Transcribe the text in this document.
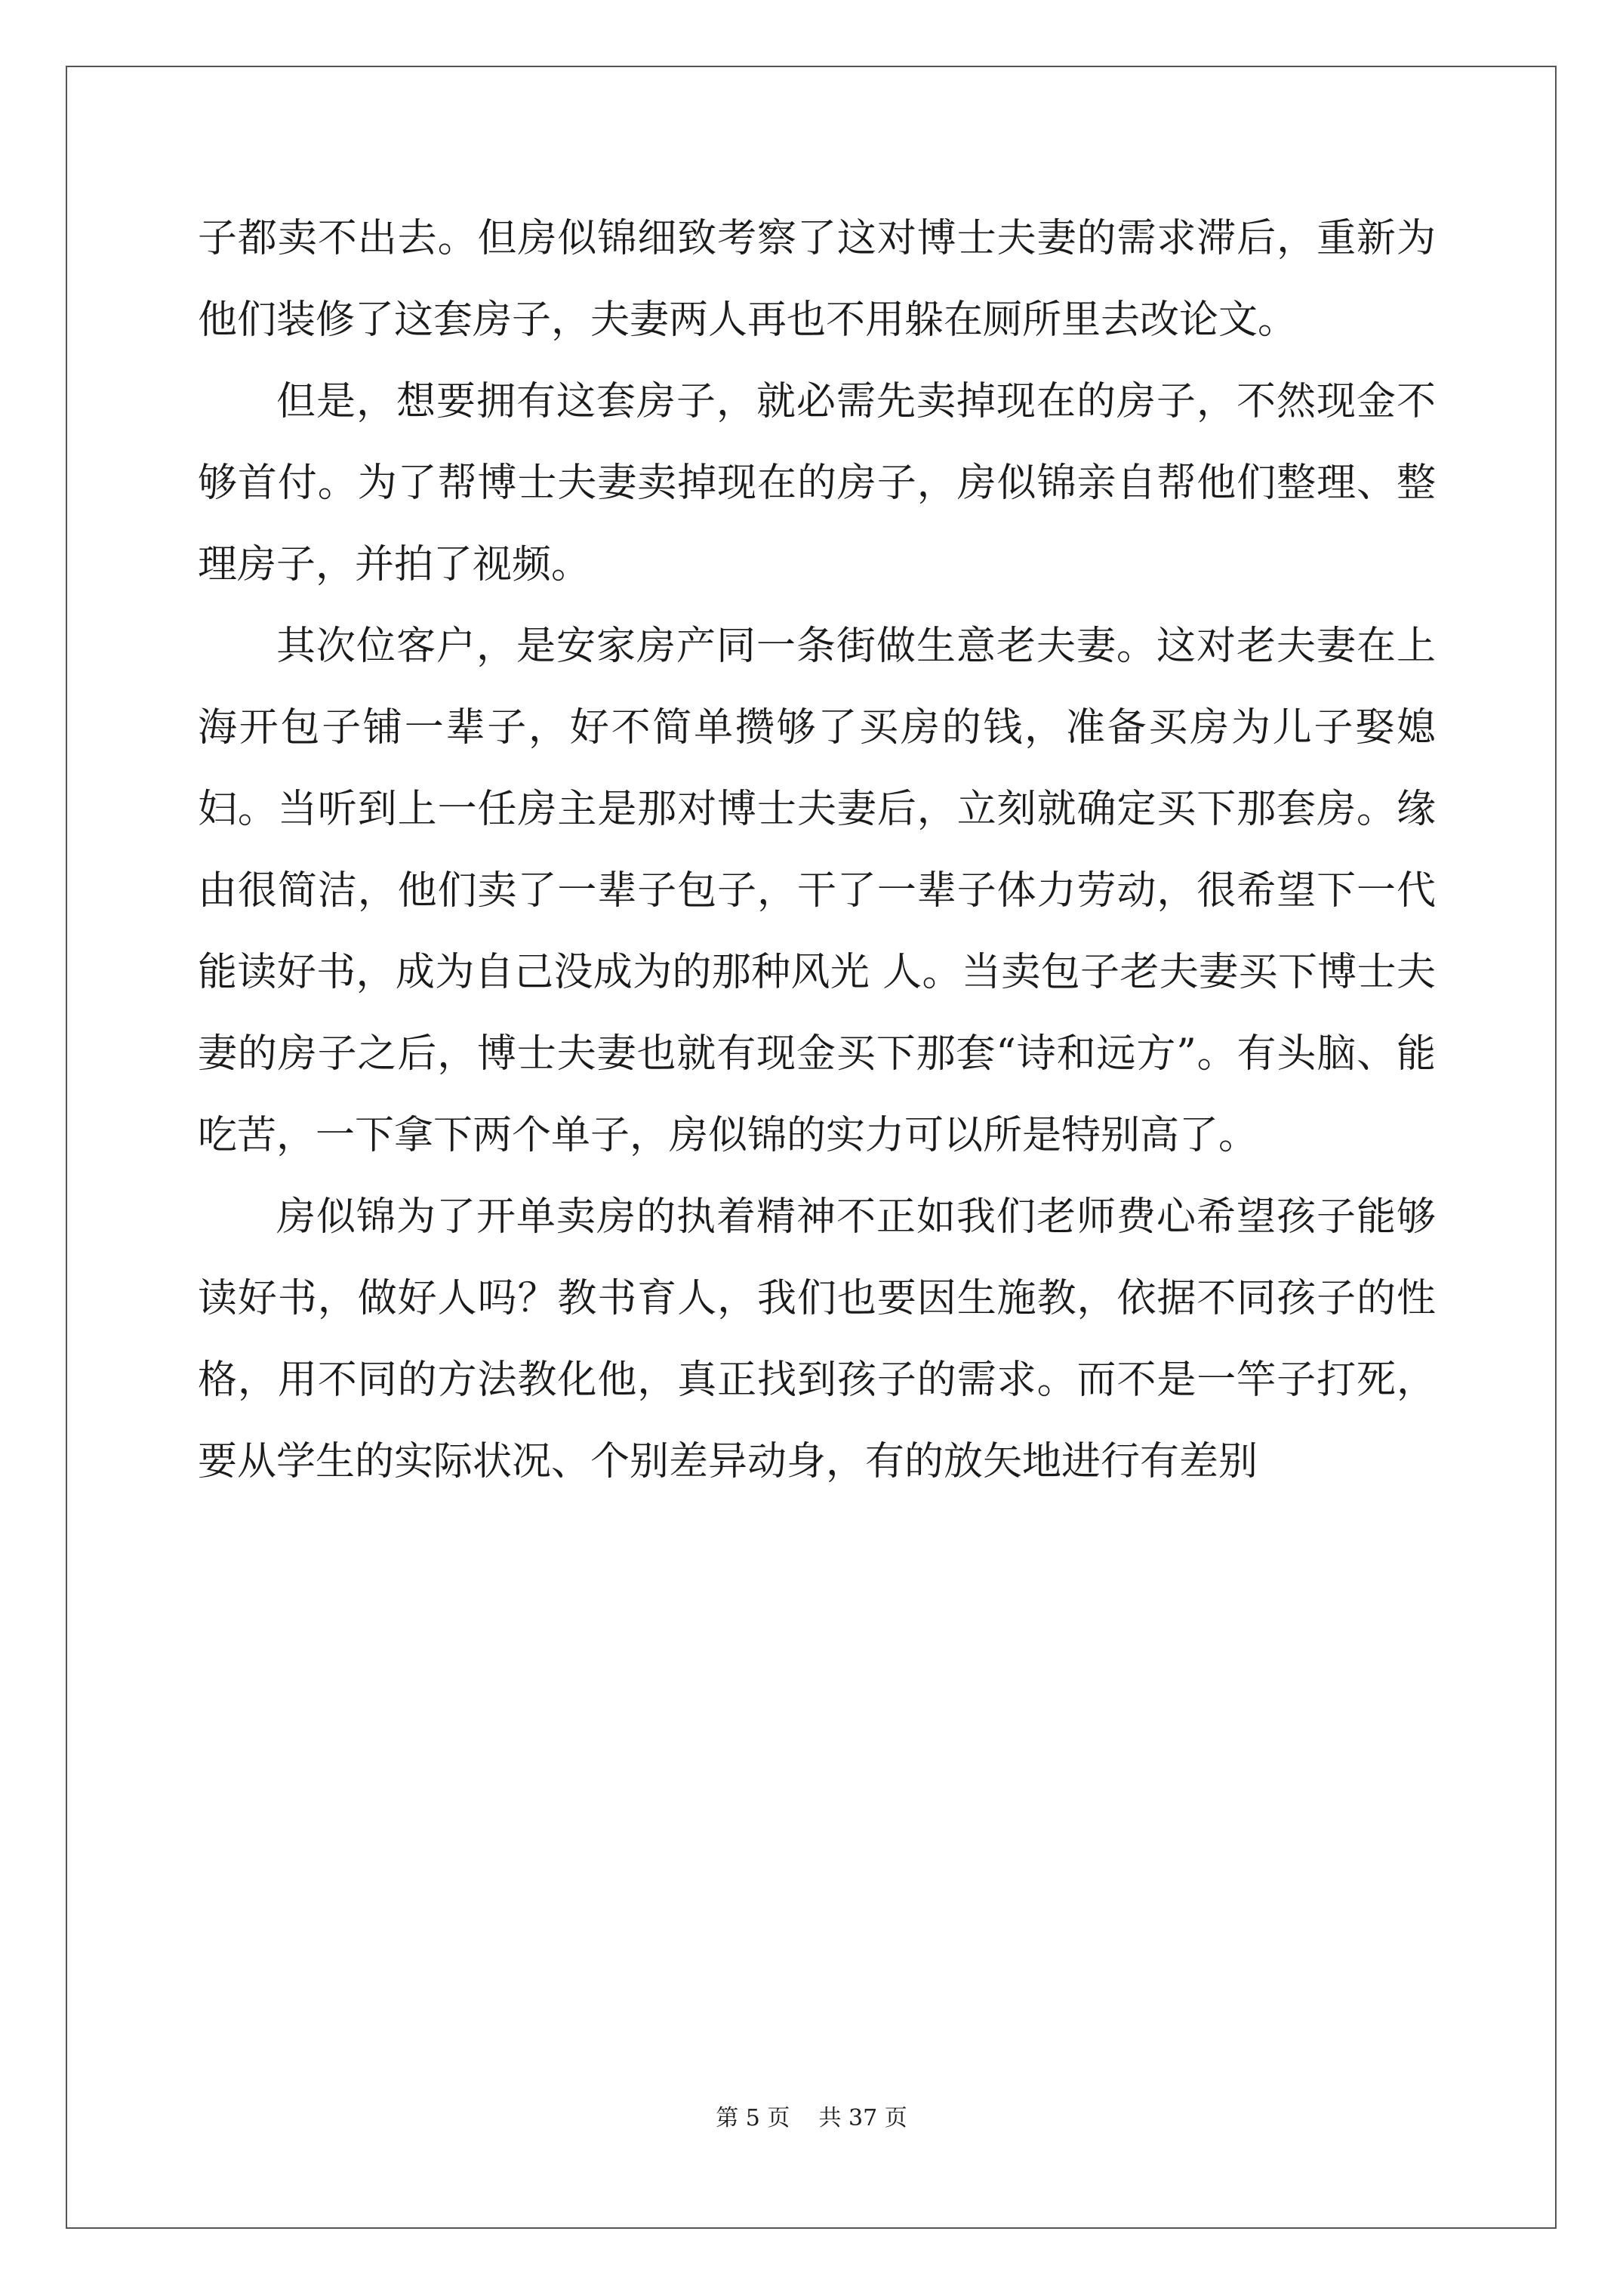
子都卖不出去。但房似锦细致考察了这对博士夫妻的需求滞后，重新为他们装修了这套房子，夫妻两人再也不用躲在厕所里去改论文。

但是，想要拥有这套房子，就必需先卖掉现在的房子，不然现金不够首付。为了帮博士夫妻卖掉现在的房子，房似锦亲自帮他们整理、整理房子，并拍了视频。

其次位客户，是安家房产同一条街做生意老夫妻。这对老夫妻在上海开包子铺一辈子，好不简单攒够了买房的钱，准备买房为儿子娶媳妇。当听到上一任房主是那对博士夫妻后，立刻就确定买下那套房。缘由很简洁，他们卖了一辈子包子，干了一辈子体力劳动，很希望下一代能读好书，成为自己没成为的那种风光 人。当卖包子老夫妻买下博士夫妻的房子之后，博士夫妻也就有现金买下那套“诗和远方”。有头脑、能吃苦，一下拿下两个单子，房似锦的实力可以所是特别高了。

房似锦为了开单卖房的执着精神不正如我们老师费心希望孩子能够读好书，做好人吗？教书育人，我们也要因生施教，依据不同孩子的性格，用不同的方法教化他，真正找到孩子的需求。而不是一竿子打死，要从学生的实际状况、个别差异动身，有的放矢地进行有差别

第 5 页    共 37 页
